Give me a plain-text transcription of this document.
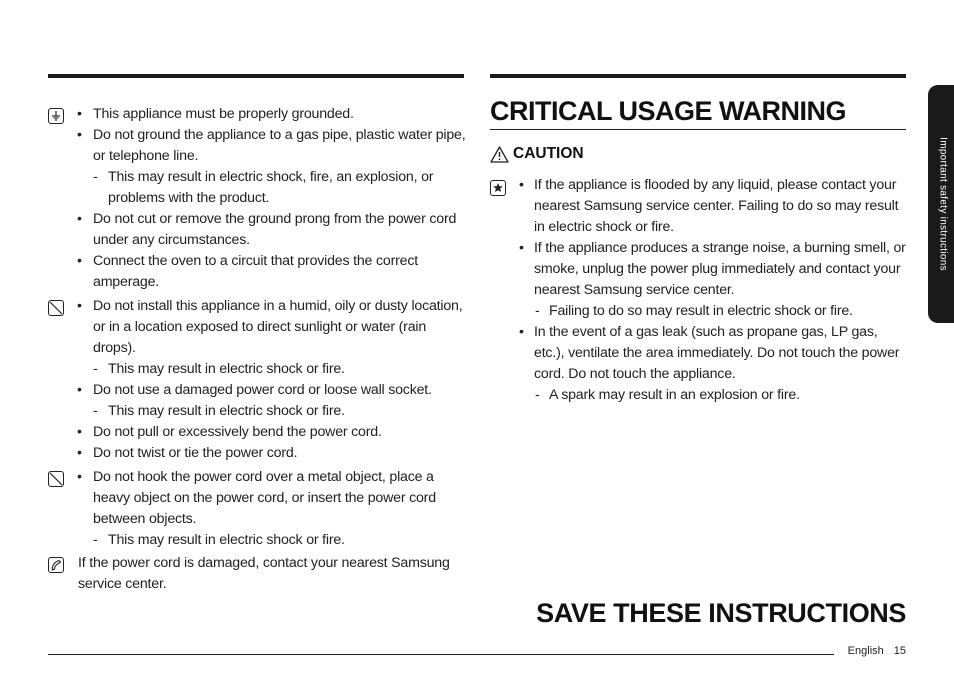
• This appliance must be properly grounded.
• Do not ground the appliance to a gas pipe, plastic water pipe, or telephone line.
- This may result in electric shock, fire, an explosion, or problems with the product.
• Do not cut or remove the ground prong from the power cord under any circumstances.
• Connect the oven to a circuit that provides the correct amperage.
• Do not install this appliance in a humid, oily or dusty location, or in a location exposed to direct sunlight or water (rain drops).
- This may result in electric shock or fire.
• Do not use a damaged power cord or loose wall socket.
- This may result in electric shock or fire.
• Do not pull or excessively bend the power cord.
• Do not twist or tie the power cord.
• Do not hook the power cord over a metal object, place a heavy object on the power cord, or insert the power cord between objects.
- This may result in electric shock or fire.
If the power cord is damaged, contact your nearest Samsung service center.
CRITICAL USAGE WARNING
CAUTION
• If the appliance is flooded by any liquid, please contact your nearest Samsung service center. Failing to do so may result in electric shock or fire.
• If the appliance produces a strange noise, a burning smell, or smoke, unplug the power plug immediately and contact your nearest Samsung service center.
- Failing to do so may result in electric shock or fire.
• In the event of a gas leak (such as propane gas, LP gas, etc.), ventilate the area immediately. Do not touch the power cord. Do not touch the appliance.
- A spark may result in an explosion or fire.
Important safety instructions
SAVE THESE INSTRUCTIONS
English 15
